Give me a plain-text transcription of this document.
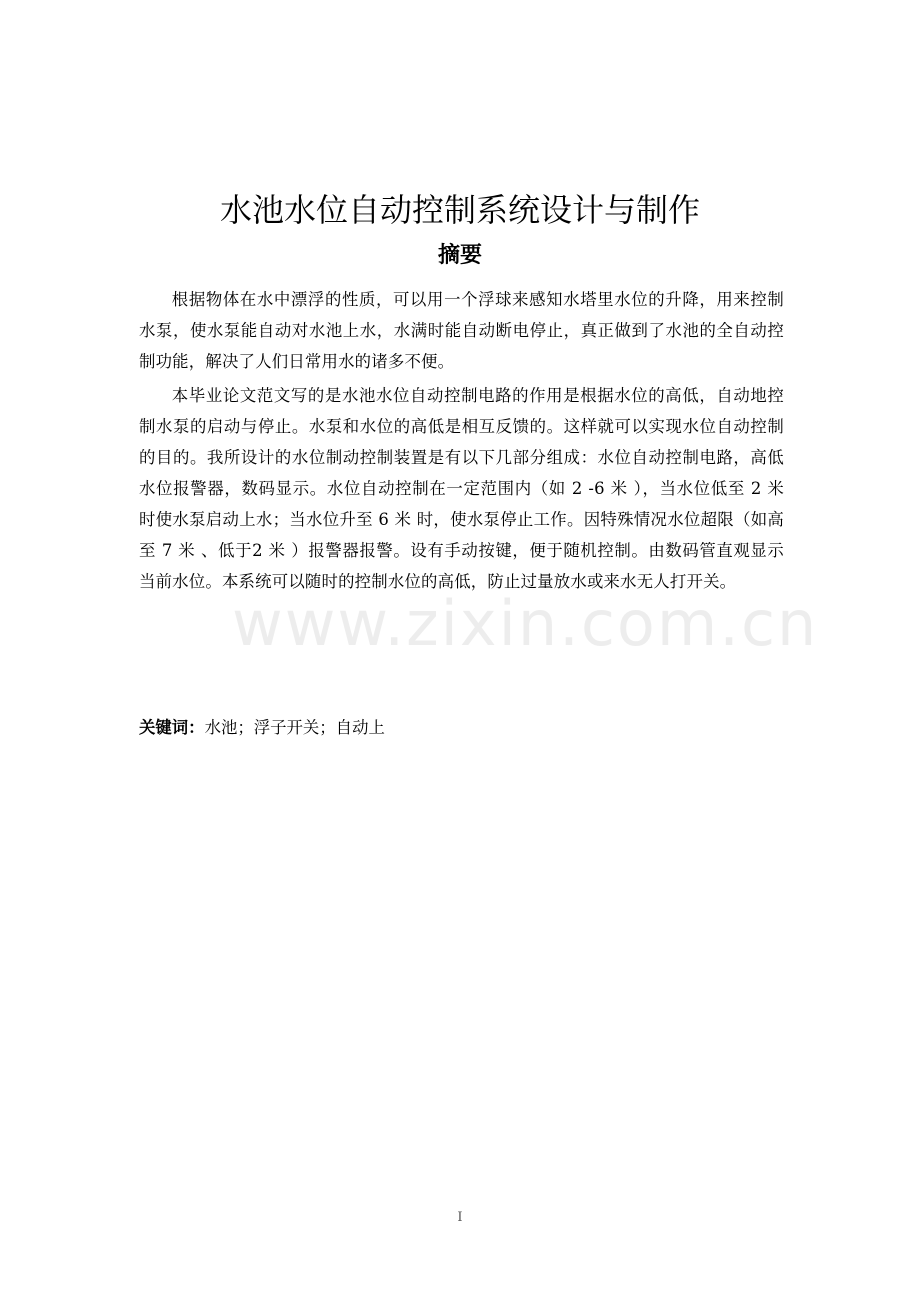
水池水位自动控制系统设计与制作
摘要

根据物体在水中漂浮的性质，可以用一个浮球来感知水塔里水位的升降，用来控制水泵，使水泵能自动对水池上水，水满时能自动断电停止，真正做到了水池的全自动控制功能，解决了人们日常用水的诸多不便。

本毕业论文范文写的是水池水位自动控制电路的作用是根据水位的高低，自动地控制水泵的启动与停止。水泵和水位的高低是相互反馈的。这样就可以实现水位自动控制的目的。我所设计的水位制动控制装置是有以下几部分组成：水位自动控制电路，高低水位报警器，数码显示。水位自动控制在一定范围内（如 2 -6 米 ），当水位低至 2 米 时使水泵启动上水；当水位升至 6 米 时，使水泵停止工作。因特殊情况水位超限（如高至 7 米 、低于2 米 ）报警器报警。设有手动按键，便于随机控制。由数码管直观显示当前水位。本系统可以随时的控制水位的高低，防止过量放水或来水无人打开关。

关键词：水池；浮子开关；自动上

www.zixin.com.cn
I
